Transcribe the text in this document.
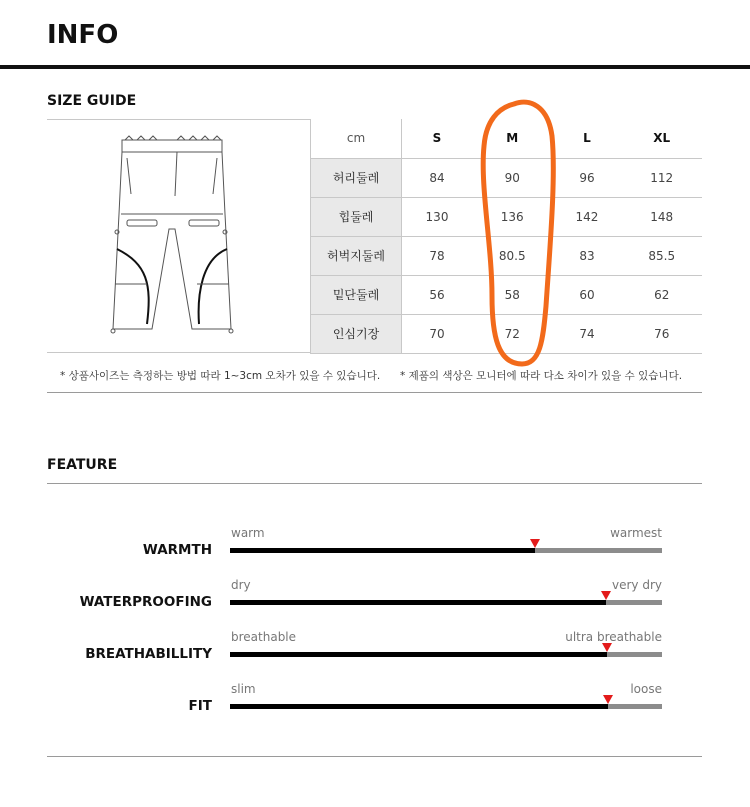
INFO
SIZE GUIDE
cm	S	M	L	XL
허리둘레	84	90	96	112
힙둘레	130	136	142	148
허벅지둘레	78	80.5	83	85.5
밑단둘레	56	58	60	62
인심기장	70	72	74	76
* 상품사이즈는 측정하는 방법 따라 1~3cm 오차가 있을 수 있습니다. * 제품의 색상은 모니터에 따라 다소 차이가 있을 수 있습니다.
FEATURE
warm	warmest
WARMTH
dry	very dry
WATERPROOFING
breathable	ultra breathable
BREATHABILLITY
slim	loose
FIT
